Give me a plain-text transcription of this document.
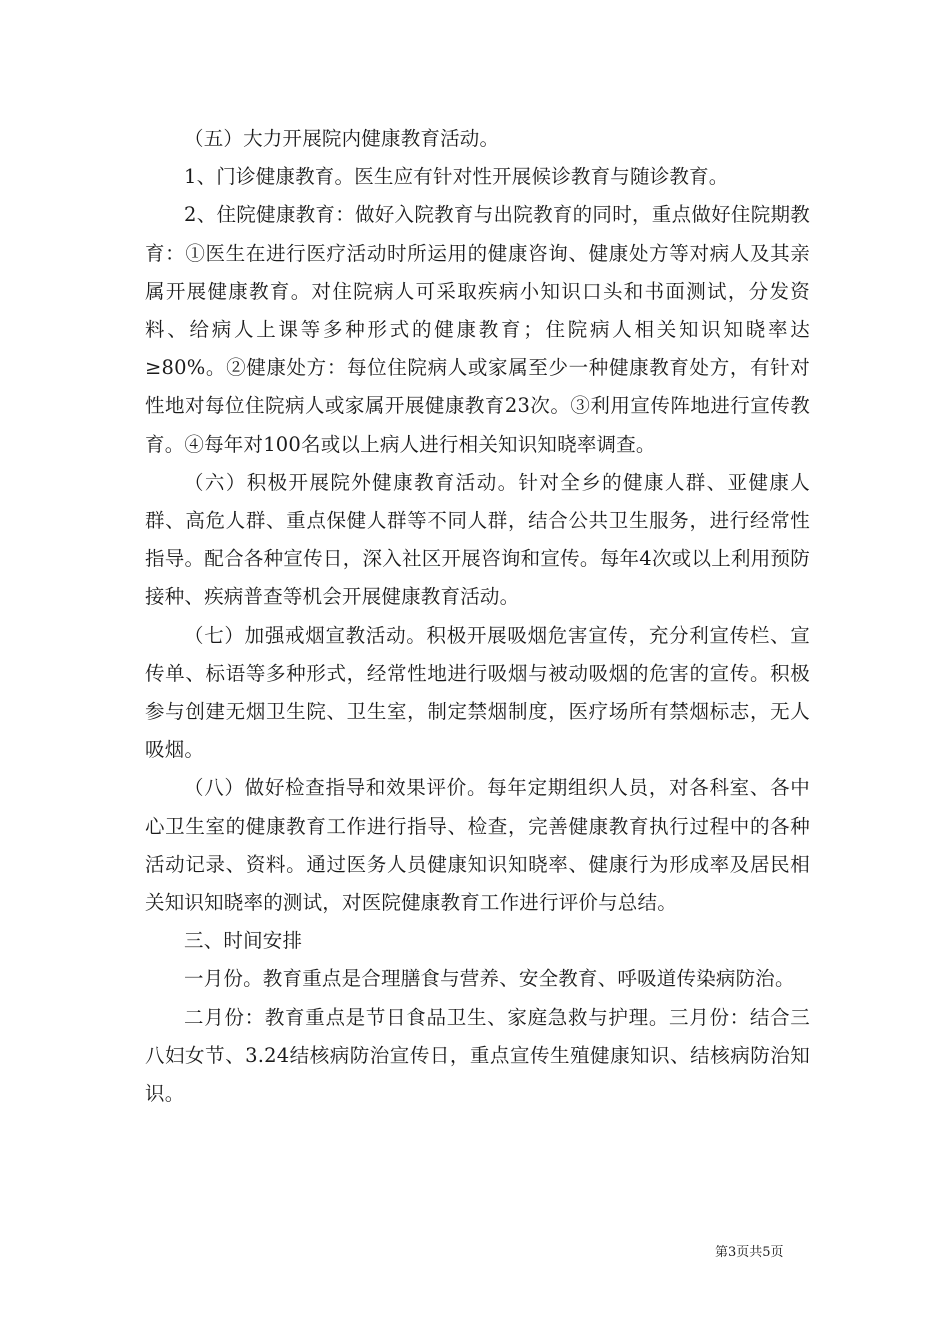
（五）大力开展院内健康教育活动。

1、门诊健康教育。医生应有针对性开展候诊教育与随诊教育。

2、住院健康教育：做好入院教育与出院教育的同时，重点做好住院期教育：①医生在进行医疗活动时所运用的健康咨询、健康处方等对病人及其亲属开展健康教育。对住院病人可采取疾病小知识口头和书面测试，分发资料、给病人上课等多种形式的健康教育；住院病人相关知识知晓率达≥80%。②健康处方：每位住院病人或家属至少一种健康教育处方，有针对性地对每位住院病人或家属开展健康教育23次。③利用宣传阵地进行宣传教育。④每年对100名或以上病人进行相关知识知晓率调查。

（六）积极开展院外健康教育活动。针对全乡的健康人群、亚健康人群、高危人群、重点保健人群等不同人群，结合公共卫生服务，进行经常性指导。配合各种宣传日，深入社区开展咨询和宣传。每年4次或以上利用预防接种、疾病普查等机会开展健康教育活动。

（七）加强戒烟宣教活动。积极开展吸烟危害宣传，充分利宣传栏、宣传单、标语等多种形式，经常性地进行吸烟与被动吸烟的危害的宣传。积极参与创建无烟卫生院、卫生室，制定禁烟制度，医疗场所有禁烟标志，无人吸烟。

（八）做好检查指导和效果评价。每年定期组织人员，对各科室、各中心卫生室的健康教育工作进行指导、检查，完善健康教育执行过程中的各种活动记录、资料。通过医务人员健康知识知晓率、健康行为形成率及居民相关知识知晓率的测试，对医院健康教育工作进行评价与总结。

三、时间安排

一月份。教育重点是合理膳食与营养、安全教育、呼吸道传染病防治。

二月份：教育重点是节日食品卫生、家庭急救与护理。三月份：结合三八妇女节、3.24结核病防治宣传日，重点宣传生殖健康知识、结核病防治知识。

第3页共5页
